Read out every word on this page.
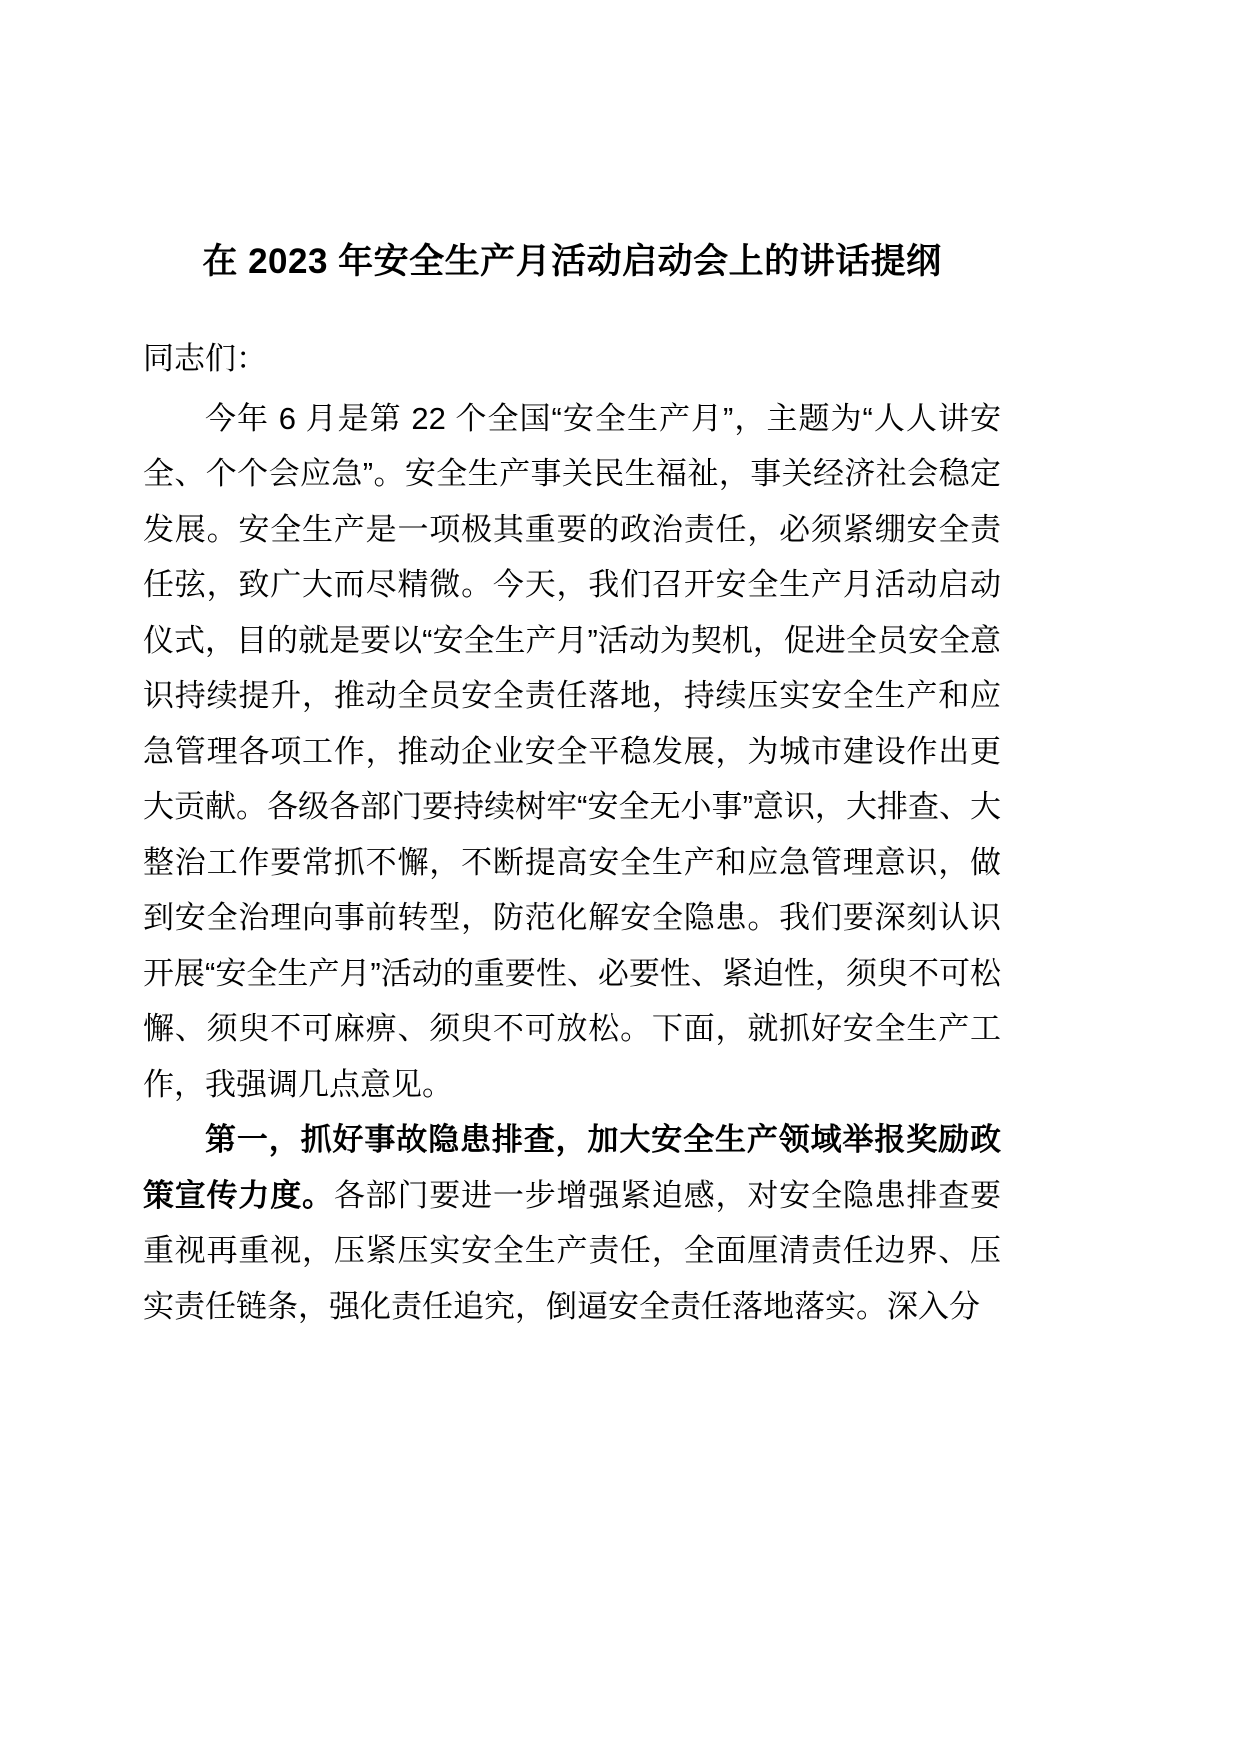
在 2023 年安全生产月活动启动会上的讲话提纲

同志们：

今年 6 月是第 22 个全国“安全生产月”，主题为“人人讲安全、个个会应急”。安全生产事关民生福祉，事关经济社会稳定发展。安全生产是一项极其重要的政治责任，必须紧绷安全责任弦，致广大而尽精微。今天，我们召开安全生产月活动启动仪式，目的就是要以“安全生产月”活动为契机，促进全员安全意识持续提升，推动全员安全责任落地，持续压实安全生产和应急管理各项工作，推动企业安全平稳发展，为城市建设作出更大贡献。各级各部门要持续树牢“安全无小事”意识，大排查、大整治工作要常抓不懈，不断提高安全生产和应急管理意识，做到安全治理向事前转型，防范化解安全隐患。我们要深刻认识开展“安全生产月”活动的重要性、必要性、紧迫性，须臾不可松懈、须臾不可麻痹、须臾不可放松。下面，就抓好安全生产工作，我强调几点意见。

第一，抓好事故隐患排查，加大安全生产领域举报奖励政策宣传力度。各部门要进一步增强紧迫感，对安全隐患排查要重视再重视，压紧压实安全生产责任，全面厘清责任边界、压实责任链条，强化责任追究，倒逼安全责任落地落实。深入分
